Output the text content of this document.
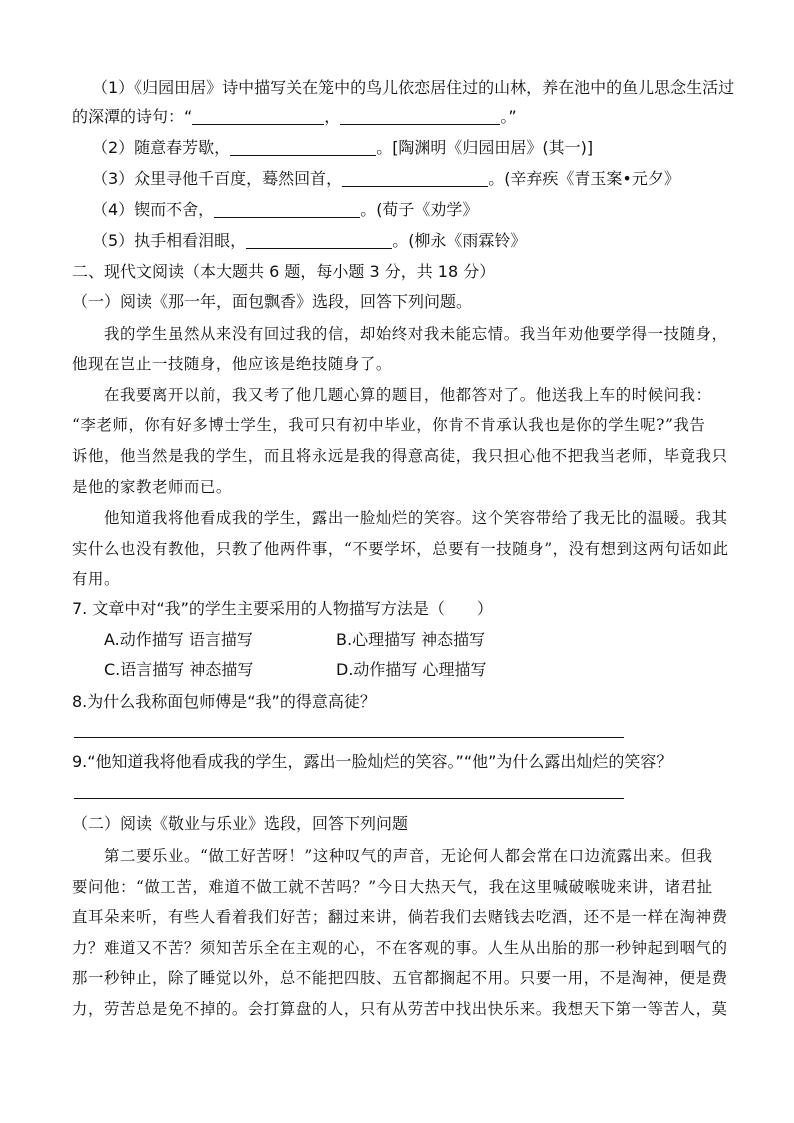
（1）《归园田居》诗中描写关在笼中的鸟儿依恋居住过的山林，养在池中的鱼儿思念生活过
的深潭的诗句：“	，	。”
（2）随意春芳歇，	。[陶渊明《归园田居》(其一)]
（3）众里寻他千百度，蓦然回首，	。(辛弃疾《青玉案•元夕》
（4）锲而不舍，	。(荀子《劝学》
（5）执手相看泪眼，	。(柳永《雨霖铃》
二、现代文阅读（本大题共 6 题，每小题 3 分，共 18 分）
（一）阅读《那一年，面包飘香》选段，回答下列问题。
我的学生虽然从来没有回过我的信，却始终对我未能忘情。我当年劝他要学得一技随身，
他现在岂止一技随身，他应该是绝技随身了。
在我要离开以前，我又考了他几题心算的题目，他都答对了。他送我上车的时候问我：
“李老师，你有好多博士学生，我可只有初中毕业，你肯不肯承认我也是你的学生呢?”我告
诉他，他当然是我的学生，而且将永远是我的得意高徒，我只担心他不把我当老师，毕竟我只
是他的家教老师而已。
他知道我将他看成我的学生，露出一脸灿烂的笑容。这个笑容带给了我无比的温暖。我其
实什么也没有教他，只教了他两件事，“不要学坏，总要有一技随身”，没有想到这两句话如此
有用。
7. 文章中对“我”的学生主要采用的人物描写方法是（　　）
A.动作描写 语言描写	B.心理描写 神态描写
C.语言描写 神态描写	D.动作描写 心理描写
8.为什么我称面包师傅是“我”的得意高徒？
9.“他知道我将他看成我的学生，露出一脸灿烂的笑容。”“他”为什么露出灿烂的笑容？
（二）阅读《敬业与乐业》选段，回答下列问题
第二要乐业。“做工好苦呀！”这种叹气的声音，无论何人都会常在口边流露出来。但我
要问他：“做工苦，难道不做工就不苦吗？”今日大热天气，我在这里喊破喉咙来讲，诸君扯
直耳朵来听，有些人看着我们好苦；翻过来讲，倘若我们去赌钱去吃酒，还不是一样在淘神费
力？难道又不苦？须知苦乐全在主观的心，不在客观的事。人生从出胎的那一秒钟起到咽气的
那一秒钟止，除了睡觉以外，总不能把四肢、五官都搁起不用。只要一用，不是淘神，便是费
力，劳苦总是免不掉的。会打算盘的人，只有从劳苦中找出快乐来。我想天下第一等苦人，莫
